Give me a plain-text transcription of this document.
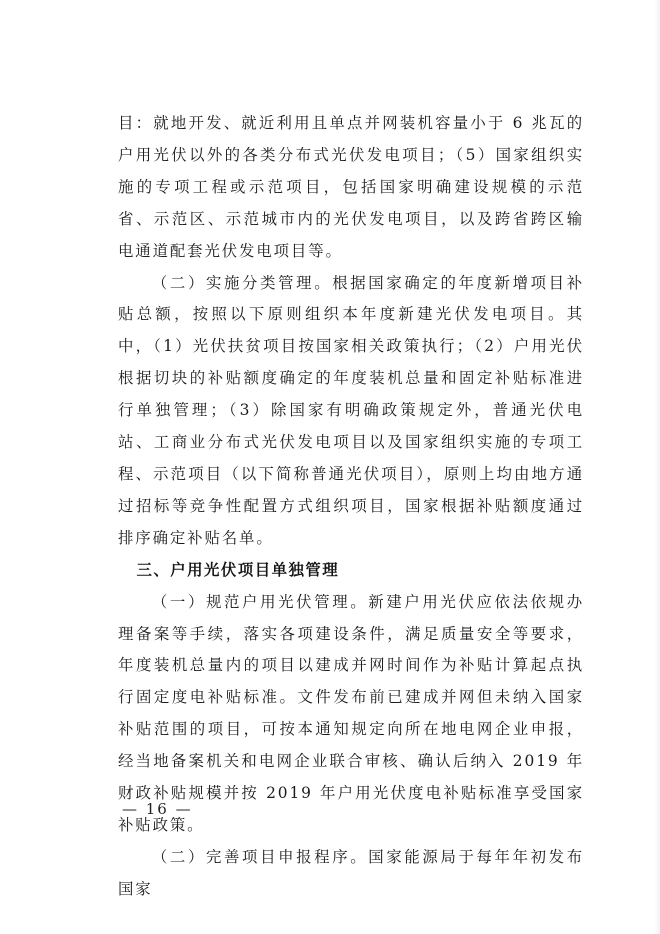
目：就地开发、就近利用且单点并网装机容量小于 6 兆瓦的户用光伏以外的各类分布式光伏发电项目；（5）国家组织实施的专项工程或示范项目，包括国家明确建设规模的示范省、示范区、示范城市内的光伏发电项目，以及跨省跨区输电通道配套光伏发电项目等。

（二）实施分类管理。根据国家确定的年度新增项目补贴总额，按照以下原则组织本年度新建光伏发电项目。其中，（1）光伏扶贫项目按国家相关政策执行；（2）户用光伏根据切块的补贴额度确定的年度装机总量和固定补贴标准进行单独管理；（3）除国家有明确政策规定外，普通光伏电站、工商业分布式光伏发电项目以及国家组织实施的专项工程、示范项目（以下简称普通光伏项目），原则上均由地方通过招标等竞争性配置方式组织项目，国家根据补贴额度通过排序确定补贴名单。

三、户用光伏项目单独管理

（一）规范户用光伏管理。新建户用光伏应依法依规办理备案等手续，落实各项建设条件，满足质量安全等要求，年度装机总量内的项目以建成并网时间作为补贴计算起点执行固定度电补贴标准。文件发布前已建成并网但未纳入国家补贴范围的项目，可按本通知规定向所在地电网企业申报，经当地备案机关和电网企业联合审核、确认后纳入 2019 年财政补贴规模并按 2019 年户用光伏度电补贴标准享受国家补贴政策。

（二）完善项目申报程序。国家能源局于每年年初发布国家

— 16 —
